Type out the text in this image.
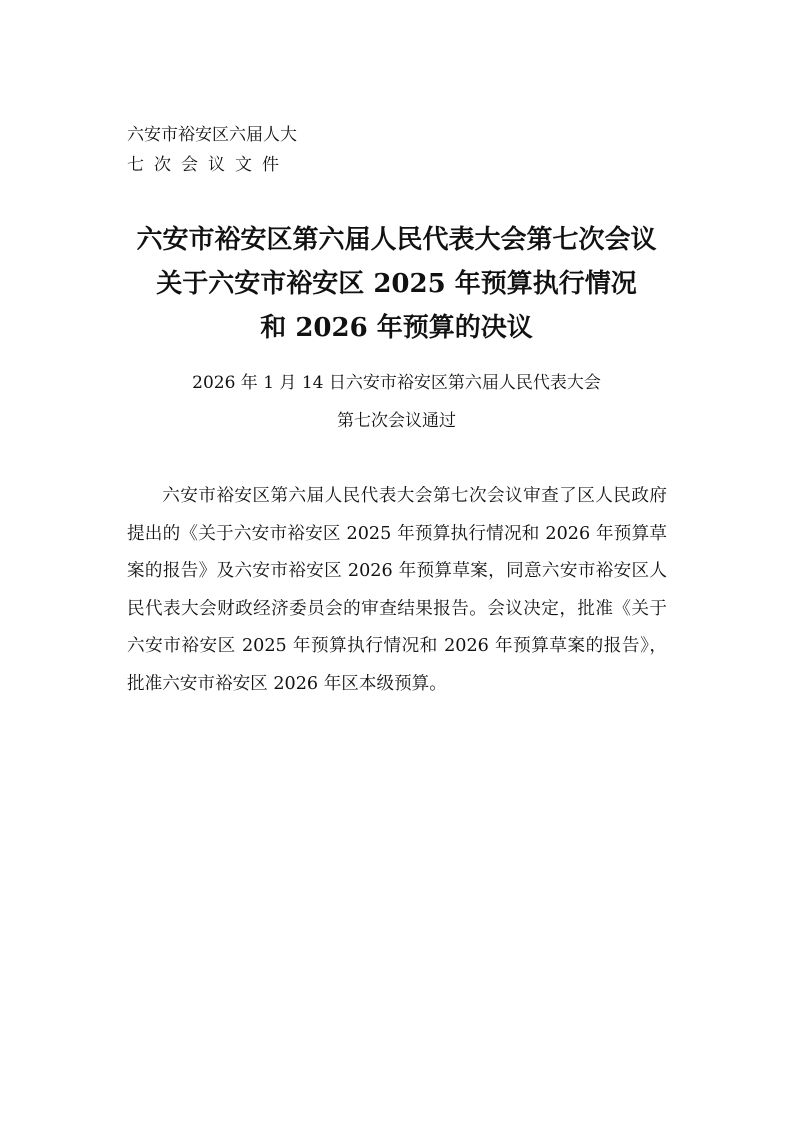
六安市裕安区六届人大
七次会议文件
六安市裕安区第六届人民代表大会第七次会议
关于六安市裕安区 2025 年预算执行情况
和 2026 年预算的决议
2026 年 1 月 14 日六安市裕安区第六届人民代表大会
第七次会议通过
六安市裕安区第六届人民代表大会第七次会议审查了区人民政府提出的《关于六安市裕安区 2025 年预算执行情况和 2026 年预算草案的报告》及六安市裕安区 2026 年预算草案，同意六安市裕安区人民代表大会财政经济委员会的审查结果报告。会议决定，批准《关于六安市裕安区 2025 年预算执行情况和 2026 年预算草案的报告》，批准六安市裕安区 2026 年区本级预算。
